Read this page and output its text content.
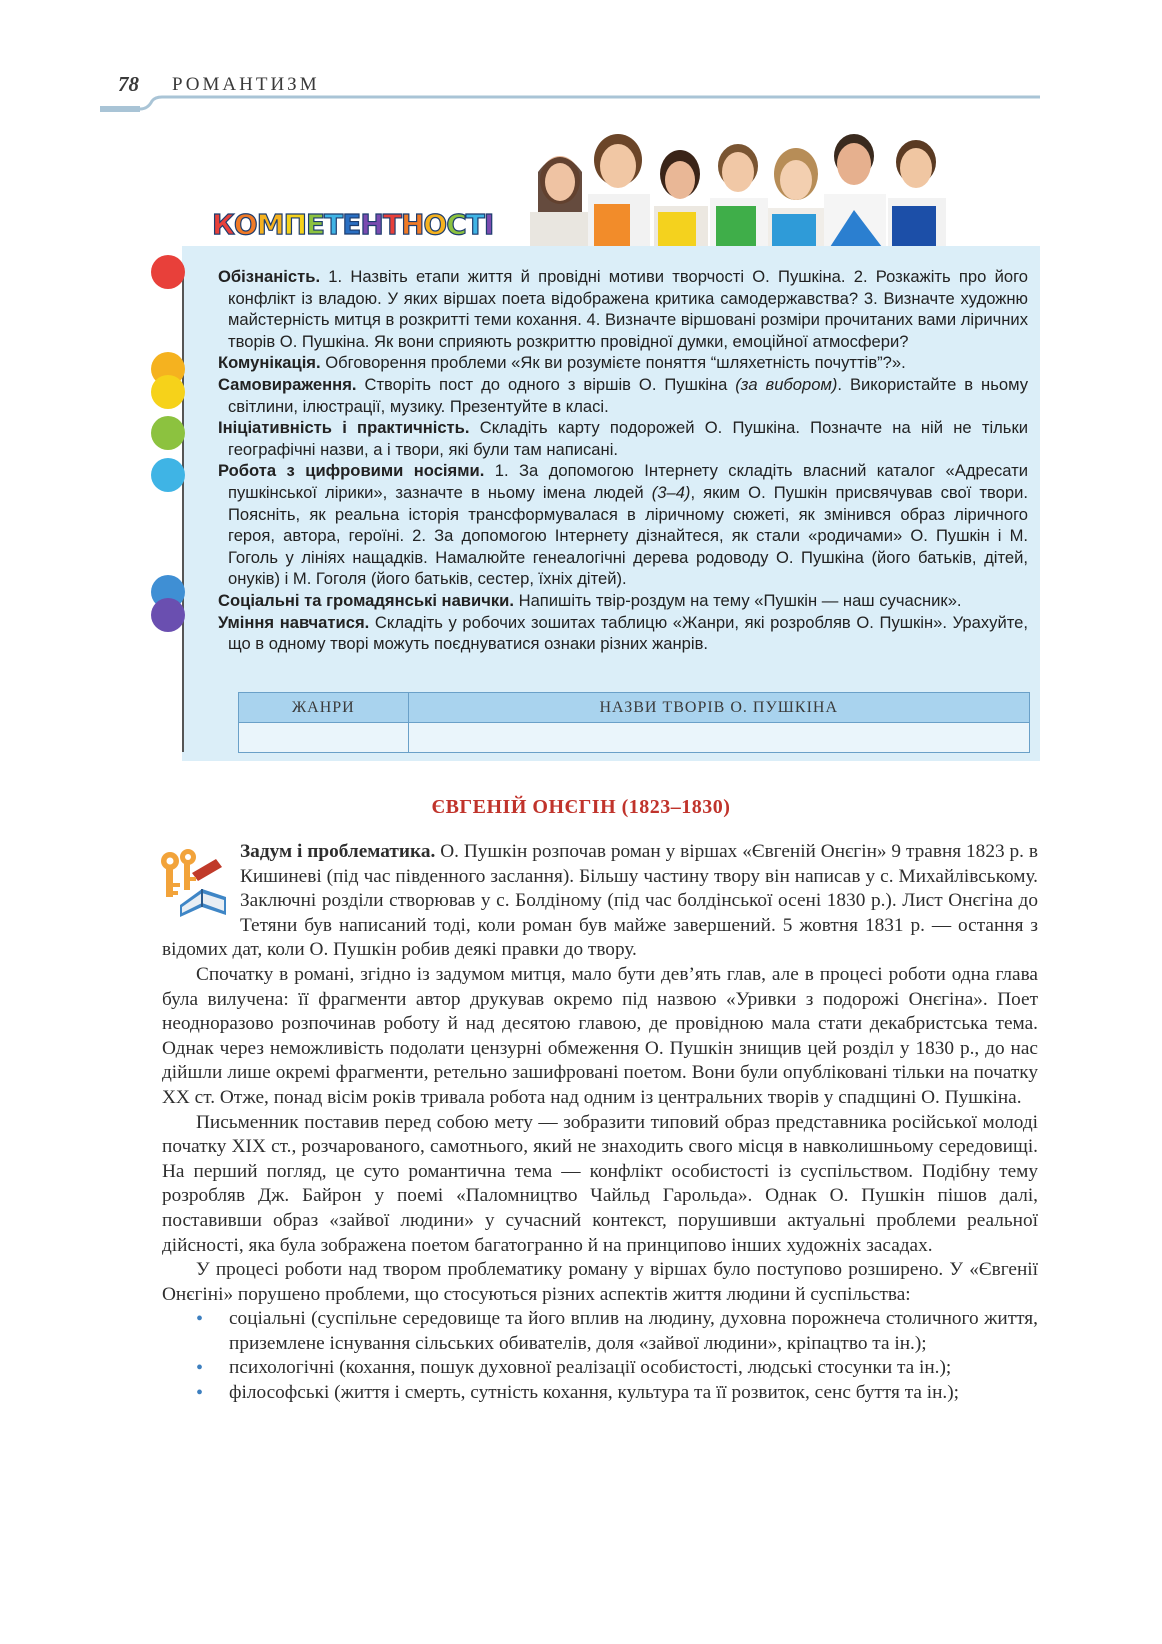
78 РОМАНТИЗМ
КОМПЕТЕНТНОСТІ

Обізнаність. 1. Назвіть етапи життя й провідні мотиви творчості О. Пушкіна. 2. Розкажіть про його конфлікт із владою. У яких віршах поета відображена критика самодержавства? 3. Визначте художню майстерність митця в розкритті теми кохання. 4. Визначте віршовані розміри прочитаних вами ліричних творів О. Пушкіна. Як вони сприяють розкриттю провідної думки, емоційної атмосфери?

Комунікація. Обговорення проблеми «Як ви розумієте поняття “шляхетність почуттів”?».

Самовираження. Створіть пост до одного з віршів О. Пушкіна (за вибором). Використайте в ньому світлини, ілюстрації, музику. Презентуйте в класі.

Ініціативність і практичність. Складіть карту подорожей О. Пушкіна. Позначте на ній не тільки географічні назви, а і твори, які були там написані.

Робота з цифровими носіями. 1. За допомогою Інтернету складіть власний каталог «Адресати пушкінської лірики», зазначте в ньому імена людей (3–4), яким О. Пушкін присвячував свої твори. Поясніть, як реальна історія трансформувалася в ліричному сюжеті, як змінився образ ліричного героя, автора, героїні. 2. За допомогою Інтернету дізнайтеся, як стали «родичами» О. Пушкін і М. Гоголь у лініях нащадків. Намалюйте генеалогічні дерева родоводу О. Пушкіна (його батьків, дітей, онуків) і М. Гоголя (його батьків, сестер, їхніх дітей).

Соціальні та громадянські навички. Напишіть твір-роздум на тему «Пушкін — наш сучасник».

Уміння навчатися. Складіть у робочих зошитах таблицю «Жанри, які розробляв О. Пушкін». Урахуйте, що в одному творі можуть поєднуватися ознаки різних жанрів.

ЖАНРИ	НАЗВИ ТВОРІВ О. ПУШКІНА

ЄВГЕНІЙ ОНЄГІН (1823–1830)

Задум і проблематика. О. Пушкін розпочав роман у віршах «Євгеній Онєгін» 9 травня 1823 р. в Кишиневі (під час південного заслання). Більшу частину твору він написав у с. Михайлівському. Заключні розділи створював у с. Болдіному (під час болдінської осені 1830 р.). Лист Онєгіна до Тетяни був написаний тоді, коли роман був майже завершений. 5 жовтня 1831 р. — остання з відомих дат, коли О. Пушкін робив деякі правки до твору.

Спочатку в романі, згідно із задумом митця, мало бути дев’ять глав, але в процесі роботи одна глава була вилучена: її фрагменти автор друкував окремо під назвою «Уривки з подорожі Онєгіна». Поет неодноразово розпочинав роботу й над десятою главою, де провідною мала стати декабристська тема. Однак через неможливість подолати цензурні обмеження О. Пушкін знищив цей розділ у 1830 р., до нас дійшли лише окремі фрагменти, ретельно зашифровані поетом. Вони були опубліковані тільки на початку XX ст. Отже, понад вісім років тривала робота над одним із центральних творів у спадщині О. Пушкіна.

Письменник поставив перед собою мету — зобразити типовий образ представника російської молоді початку XIX ст., розчарованого, самотнього, який не знаходить свого місця в навколишньому середовищі. На перший погляд, це суто романтична тема — конфлікт особистості із суспільством. Подібну тему розробляв Дж. Байрон у поемі «Паломництво Чайльд Гарольда». Однак О. Пушкін пішов далі, поставивши образ «зайвої людини» у сучасний контекст, порушивши актуальні проблеми реальної дійсності, яка була зображена поетом багатогранно й на принципово інших художніх засадах.

У процесі роботи над твором проблематику роману у віршах було поступово розширено. У «Євгенії Онєгіні» порушено проблеми, що стосуються різних аспектів життя людини й суспільства:

• соціальні (суспільне середовище та його вплив на людину, духовна порожнеча столичного життя, приземлене існування сільських обивателів, доля «зайвої людини», кріпацтво та ін.);
• психологічні (кохання, пошук духовної реалізації особистості, людські стосунки та ін.);
• філософські (життя і смерть, сутність кохання, культура та її розвиток, сенс буття та ін.);
